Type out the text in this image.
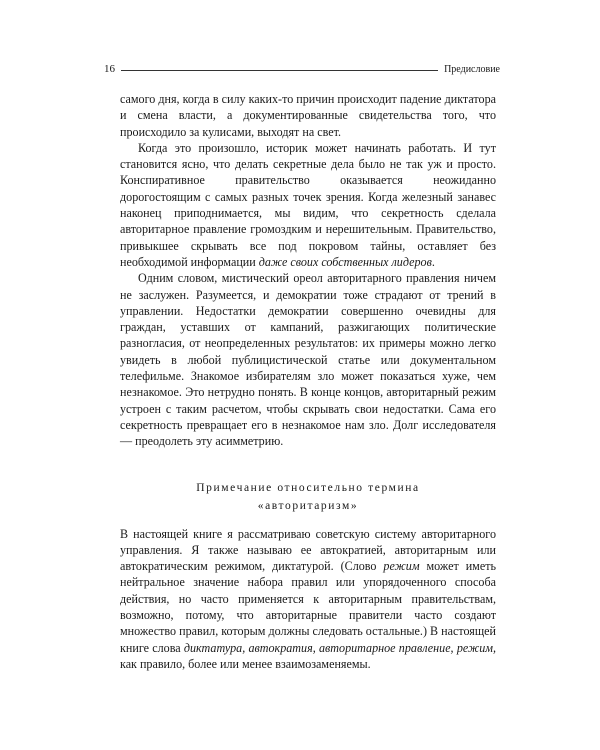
16	Предисловие

самого дня, когда в силу каких-то причин происходит падение диктатора и смена власти, а документированные свидетельства того, что происходило за кулисами, выходят на свет.

Когда это произошло, историк может начинать работать. И тут становится ясно, что делать секретные дела было не так уж и просто. Конспиративное правительство оказывается неожиданно дорогостоящим с самых разных точек зрения. Когда железный занавес наконец приподнимается, мы видим, что секретность сделала авторитарное правление громоздким и нерешительным. Правительство, привыкшее скрывать все под покровом тайны, оставляет без необходимой информации даже своих собственных лидеров.

Одним словом, мистический ореол авторитарного правления ничем не заслужен. Разумеется, и демократии тоже страдают от трений в управлении. Недостатки демократии совершенно очевидны для граждан, уставших от кампаний, разжигающих политические разногласия, от неопределенных результатов: их примеры можно легко увидеть в любой публицистической статье или документальном телефильме. Знакомое избирателям зло может показаться хуже, чем незнакомое. Это нетрудно понять. В конце концов, авторитарный режим устроен с таким расчетом, чтобы скрывать свои недостатки. Сама его секретность превращает его в незнакомое нам зло. Долг исследователя — преодолеть эту асимметрию.

Примечание относительно термина
«авторитаризм»

В настоящей книге я рассматриваю советскую систему авторитарного управления. Я также называю ее автократией, авторитарным или автократическим режимом, диктатурой. (Слово режим может иметь нейтральное значение набора правил или упорядоченного способа действия, но часто применяется к авторитарным правительствам, возможно, потому, что авторитарные правители часто создают множество правил, которым должны следовать остальные.) В настоящей книге слова диктатура, автократия, авторитарное правление, режим, как правило, более или менее взаимозаменяемы.
